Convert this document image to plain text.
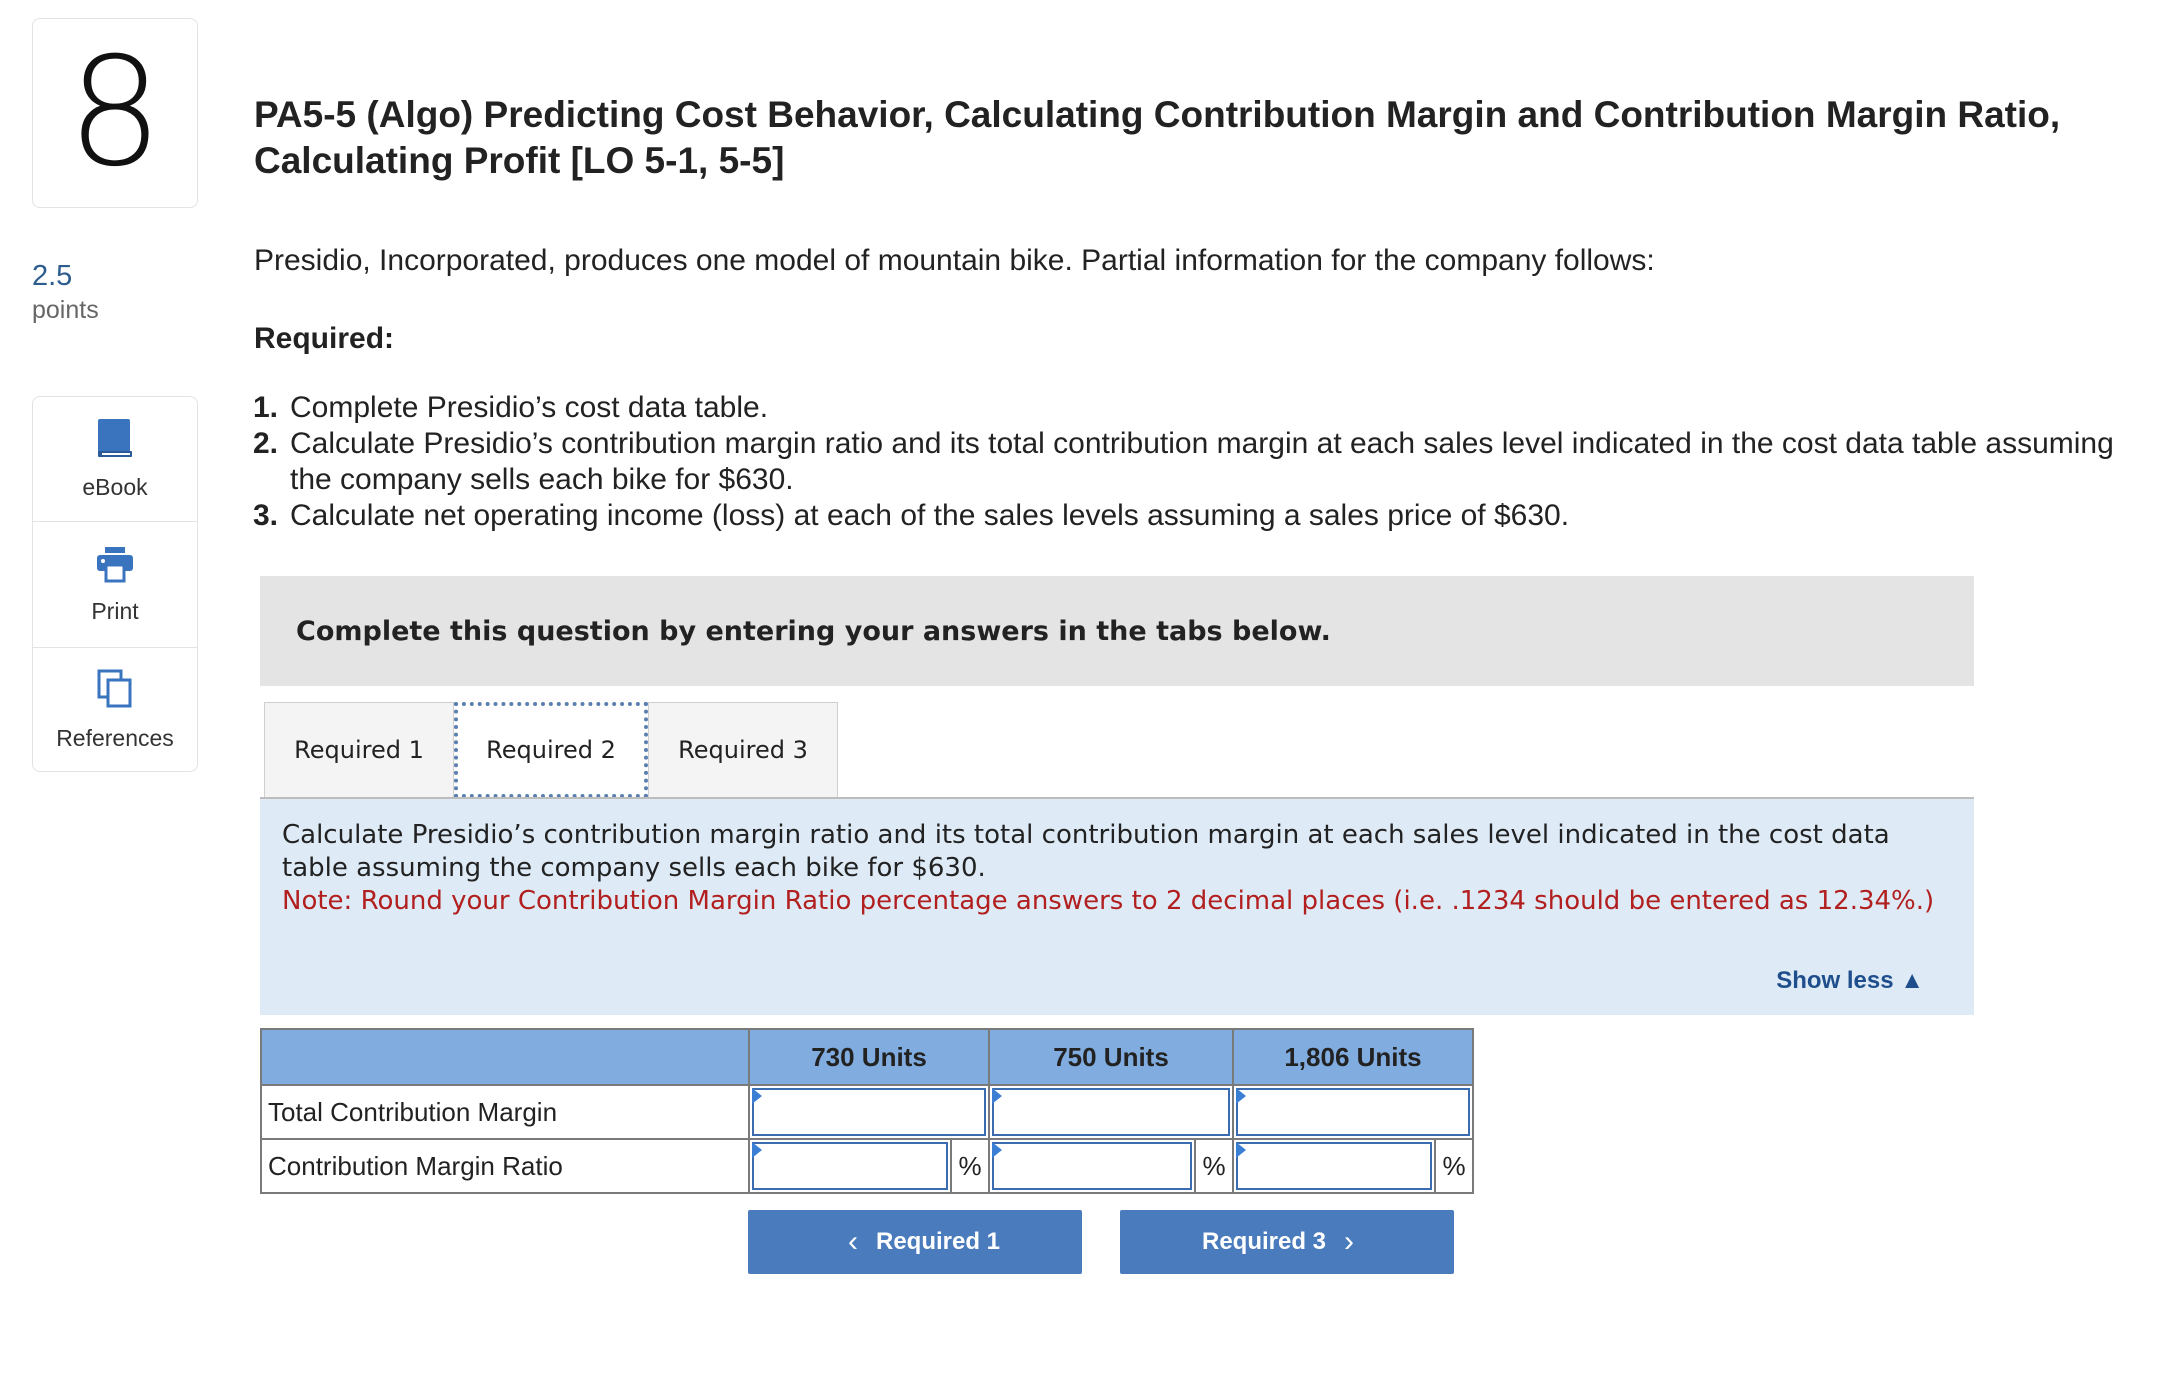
8
2.5
points
eBook
Print
References
PA5-5 (Algo) Predicting Cost Behavior, Calculating Contribution Margin and Contribution Margin Ratio, Calculating Profit [LO 5-1, 5-5]
Presidio, Incorporated, produces one model of mountain bike. Partial information for the company follows:
Required:
1. Complete Presidio’s cost data table.
2. Calculate Presidio’s contribution margin ratio and its total contribution margin at each sales level indicated in the cost data table assuming the company sells each bike for $630.
3. Calculate net operating income (loss) at each of the sales levels assuming a sales price of $630.
Complete this question by entering your answers in the tabs below.
Required 1	Required 2	Required 3
Calculate Presidio’s contribution margin ratio and its total contribution margin at each sales level indicated in the cost data table assuming the company sells each bike for $630.
Note: Round your Contribution Margin Ratio percentage answers to 2 decimal places (i.e. .1234 should be entered as 12.34%.)
Show less ▲
	730 Units	750 Units	1,806 Units
Total Contribution Margin	

Contribution Margin Ratio	%	%	%
‹ Required 1	Required 3 ›
